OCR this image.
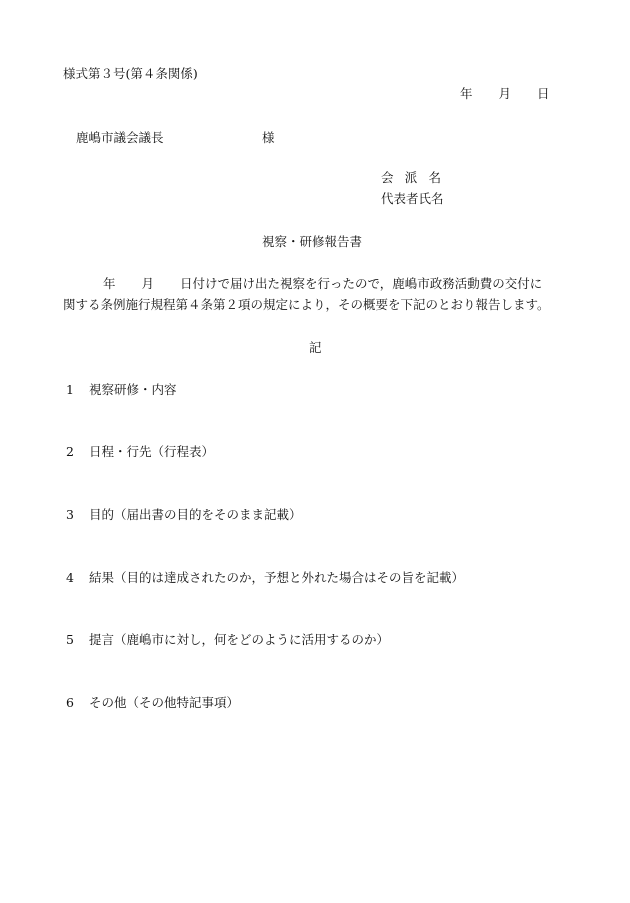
様式第３号(第４条関係)
年 月 日
鹿嶋市議会議長	様
会派名
代表者氏名
視察・研修報告書
年 月 日付けで届け出た視察を行ったので，鹿嶋市政務活動費の交付に
関する条例施行規程第４条第２項の規定により，その概要を下記のとおり報告します。
記
1 視察研修・内容
2 日程・行先（行程表）
3 目的（届出書の目的をそのまま記載）
4 結果（目的は達成されたのか，予想と外れた場合はその旨を記載）
5 提言（鹿嶋市に対し，何をどのように活用するのか）
6 その他（その他特記事項）
